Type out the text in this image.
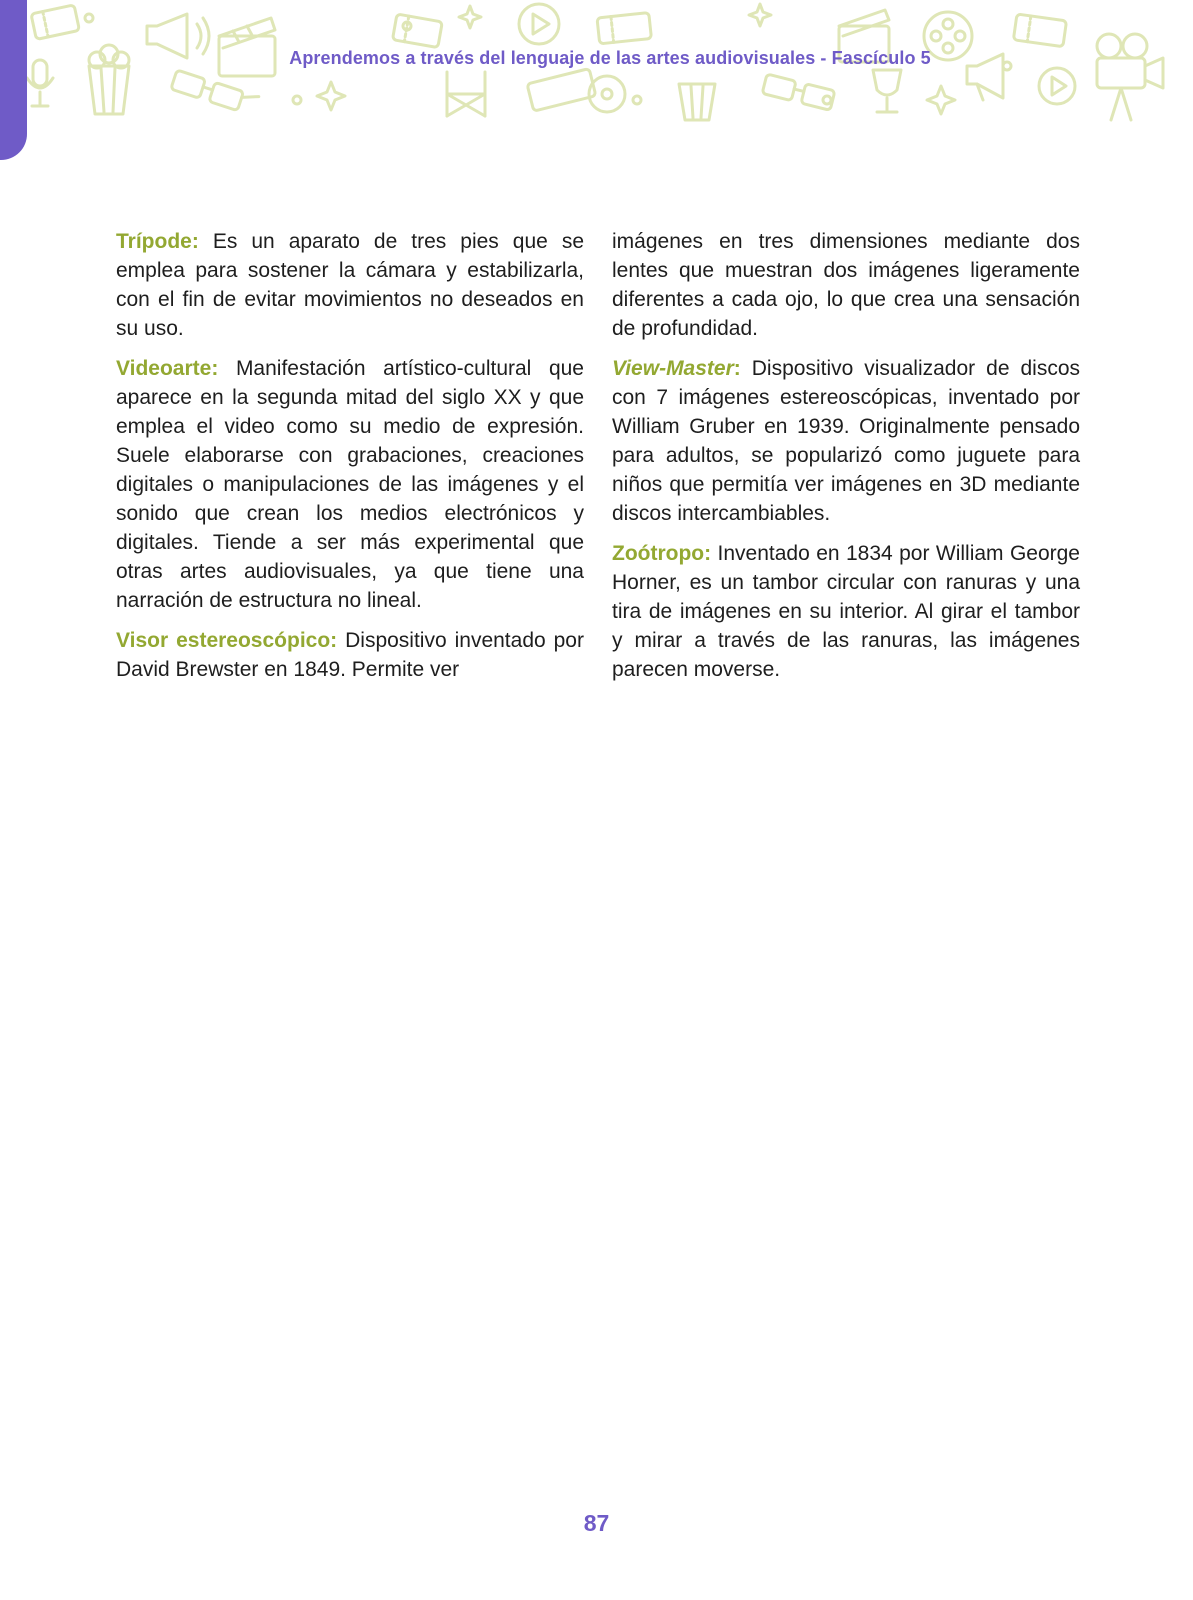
Aprendemos a través del lenguaje de las artes audiovisuales - Fascículo 5

Trípode: Es un aparato de tres pies que se emplea para sostener la cámara y estabilizarla, con el fin de evitar movimientos no deseados en su uso.

Videoarte: Manifestación artístico-cultural que aparece en la segunda mitad del siglo XX y que emplea el video como su medio de expresión. Suele elaborarse con grabaciones, creaciones digitales o manipulaciones de las imágenes y el sonido que crean los medios electrónicos y digitales. Tiende a ser más experimental que otras artes audiovisuales, ya que tiene una narración de estructura no lineal.

Visor estereoscópico: Dispositivo inventado por David Brewster en 1849. Permite ver

imágenes en tres dimensiones mediante dos lentes que muestran dos imágenes ligeramente diferentes a cada ojo, lo que crea una sensación de profundidad.

View-Master: Dispositivo visualizador de discos con 7 imágenes estereoscópicas, inventado por William Gruber en 1939. Originalmente pensado para adultos, se popularizó como juguete para niños que permitía ver imágenes en 3D mediante discos intercambiables.

Zoótropo: Inventado en 1834 por William George Horner, es un tambor circular con ranuras y una tira de imágenes en su interior. Al girar el tambor y mirar a través de las ranuras, las imágenes parecen moverse.

87
